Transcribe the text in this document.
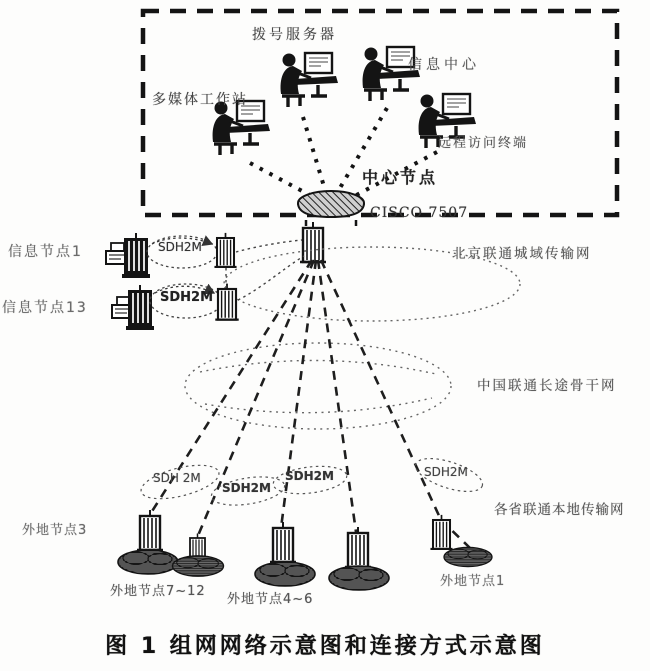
拨号服务器
信息中心
多媒体工作站
远程访问终端
中心节点
CISCO 7507
信息节点1
信息节点13
SDH2M
SDH2M
北京联通城域传输网
中国联通长途骨干网
各省联通本地传输网
SDH 2M
SDH2M
SDH2M	SDH2M
外地节点3
外地节点7~12
外地节点4~6
外地节点1
图 1 组网网络示意图和连接方式示意图
